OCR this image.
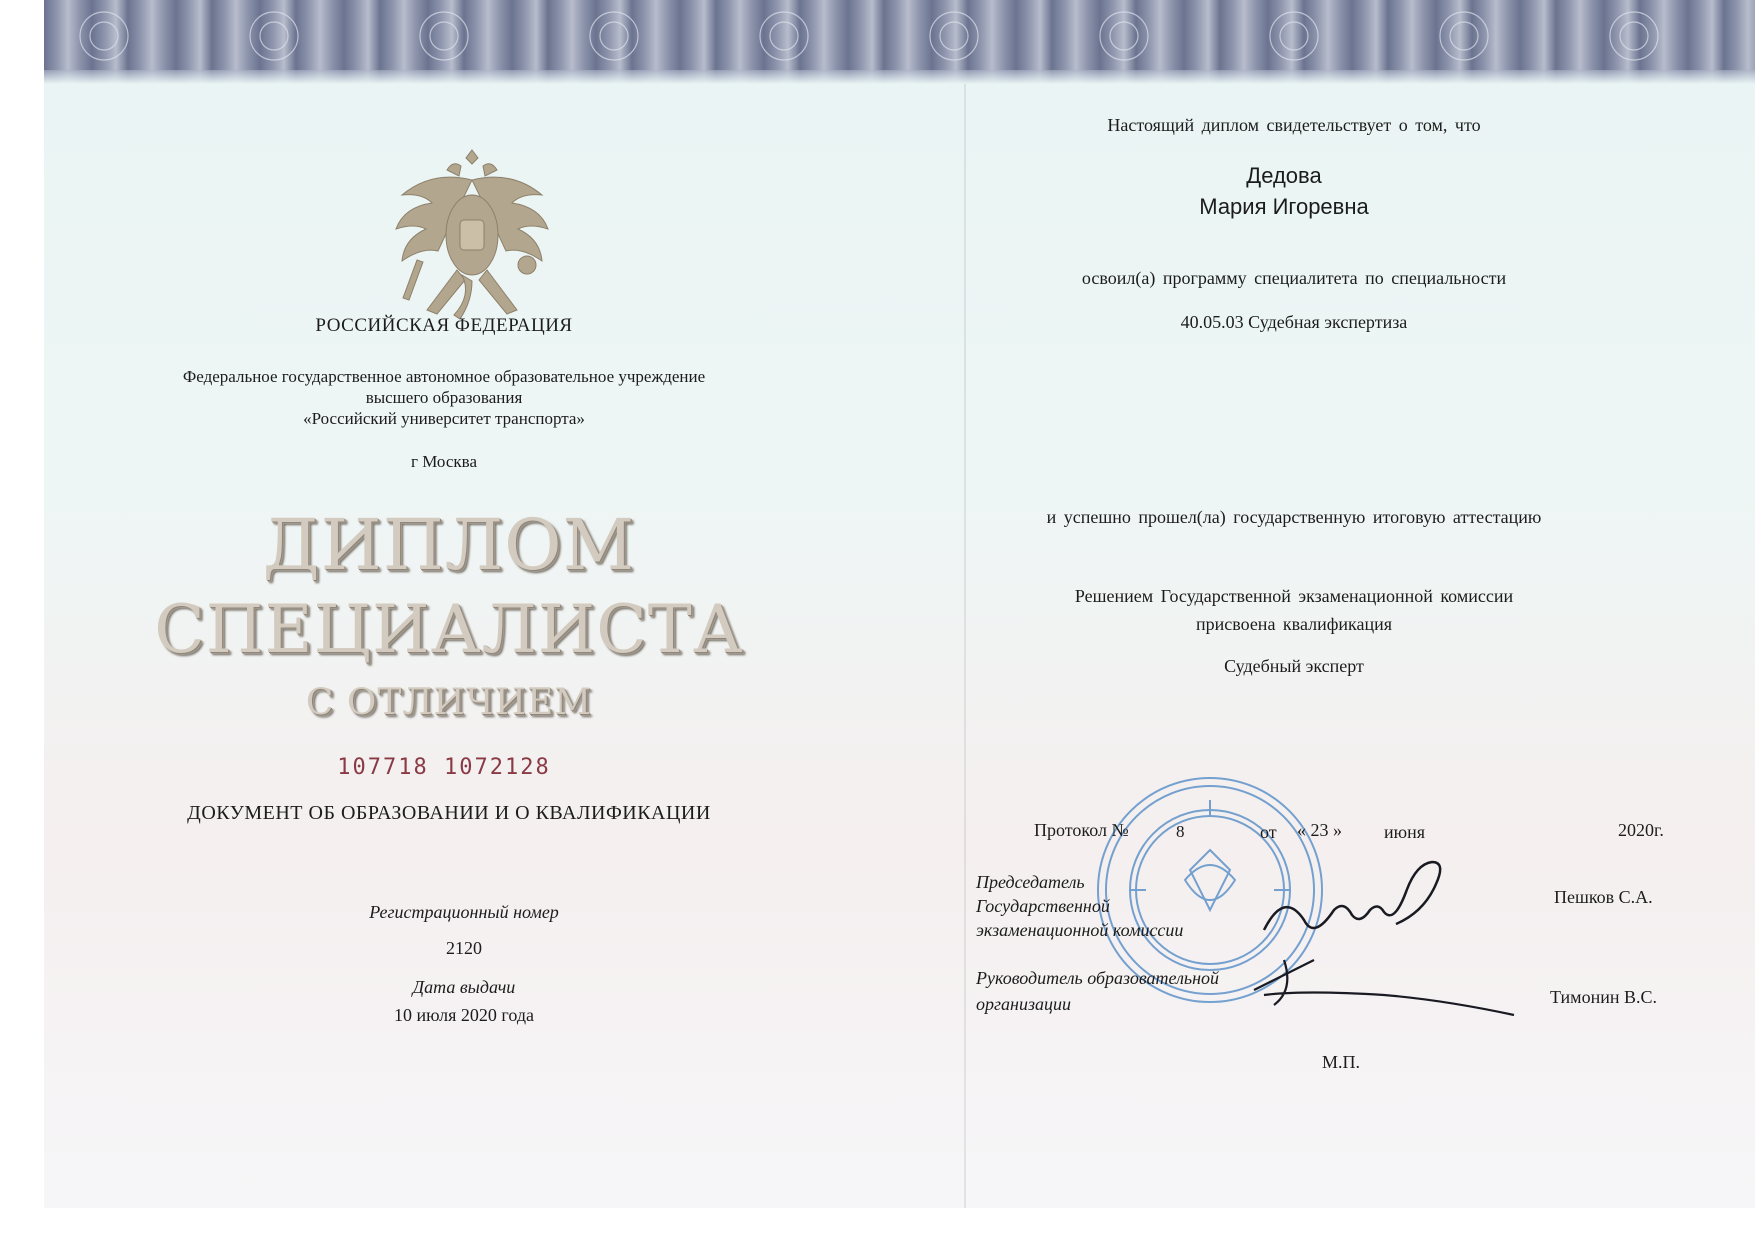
РОССИЙСКАЯ ФЕДЕРАЦИЯ
Федеральное государственное автономное образовательное учреждение
высшего образования
«Российский университет транспорта»
г Москва
ДИПЛОМ
СПЕЦИАЛИСТА
С ОТЛИЧИЕМ
107718 1072128
ДОКУМЕНТ ОБ ОБРАЗОВАНИИ И О КВАЛИФИКАЦИИ
Регистрационный номер
2120
Дата выдачи
10 июля 2020 года
Настоящий диплом свидетельствует о том, что
Дедова
Мария Игоревна
освоил(а) программу специалитета по специальности
40.05.03 Судебная экспертиза
и успешно прошел(ла) государственную итоговую аттестацию
Решением Государственной экзаменационной комиссии
присвоена квалификация
Судебный эксперт
Протокол №	8	от « 23 » июня	2020г.
Председатель
Государственной
экзаменационной комиссии
Пешков С.А.
Руководитель образовательной
организации	Тимонин В.С.
М.П.
